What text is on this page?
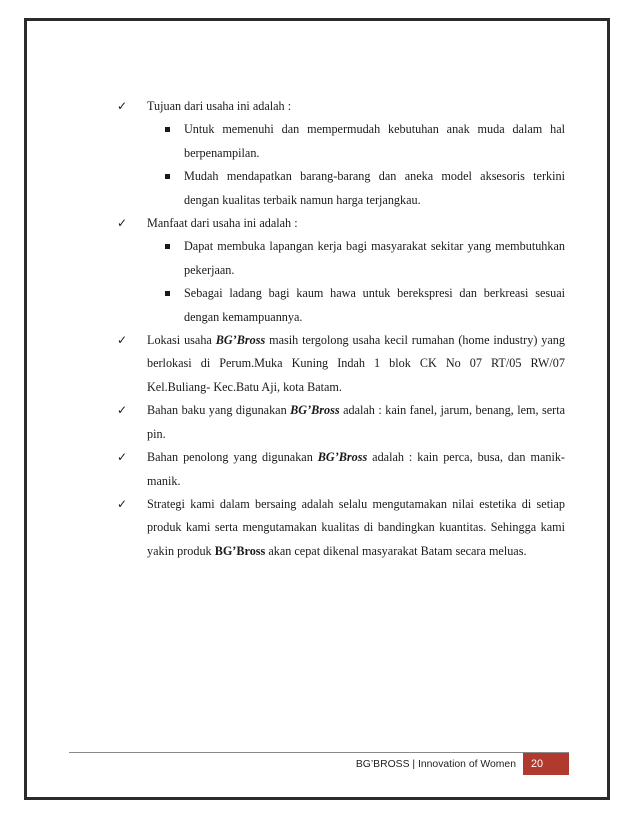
✓ Tujuan dari usaha ini adalah :
Untuk memenuhi dan mempermudah kebutuhan anak muda dalam hal berpenampilan.
Mudah mendapatkan barang-barang dan aneka model aksesoris terkini dengan kualitas terbaik namun harga terjangkau.
✓ Manfaat dari usaha ini adalah :
Dapat membuka lapangan kerja bagi masyarakat sekitar yang membutuhkan pekerjaan.
Sebagai ladang bagi kaum hawa untuk berekspresi dan berkreasi sesuai dengan kemampuannya.
✓ Lokasi usaha BG’Bross masih tergolong usaha kecil rumahan (home industry) yang berlokasi di Perum.Muka Kuning Indah 1 blok CK No 07 RT/05 RW/07 Kel.Buliang- Kec.Batu Aji, kota Batam.
✓ Bahan baku yang digunakan BG’Bross adalah : kain fanel, jarum, benang, lem, serta pin.
✓ Bahan penolong yang digunakan BG’Bross adalah : kain perca, busa, dan manik-manik.
✓ Strategi kami dalam bersaing adalah selalu mengutamakan nilai estetika di setiap produk kami serta mengutamakan kualitas di bandingkan kuantitas. Sehingga kami yakin produk BG’Bross akan cepat dikenal masyarakat Batam secara meluas.
BG’BROSS | Innovation of Women	20
